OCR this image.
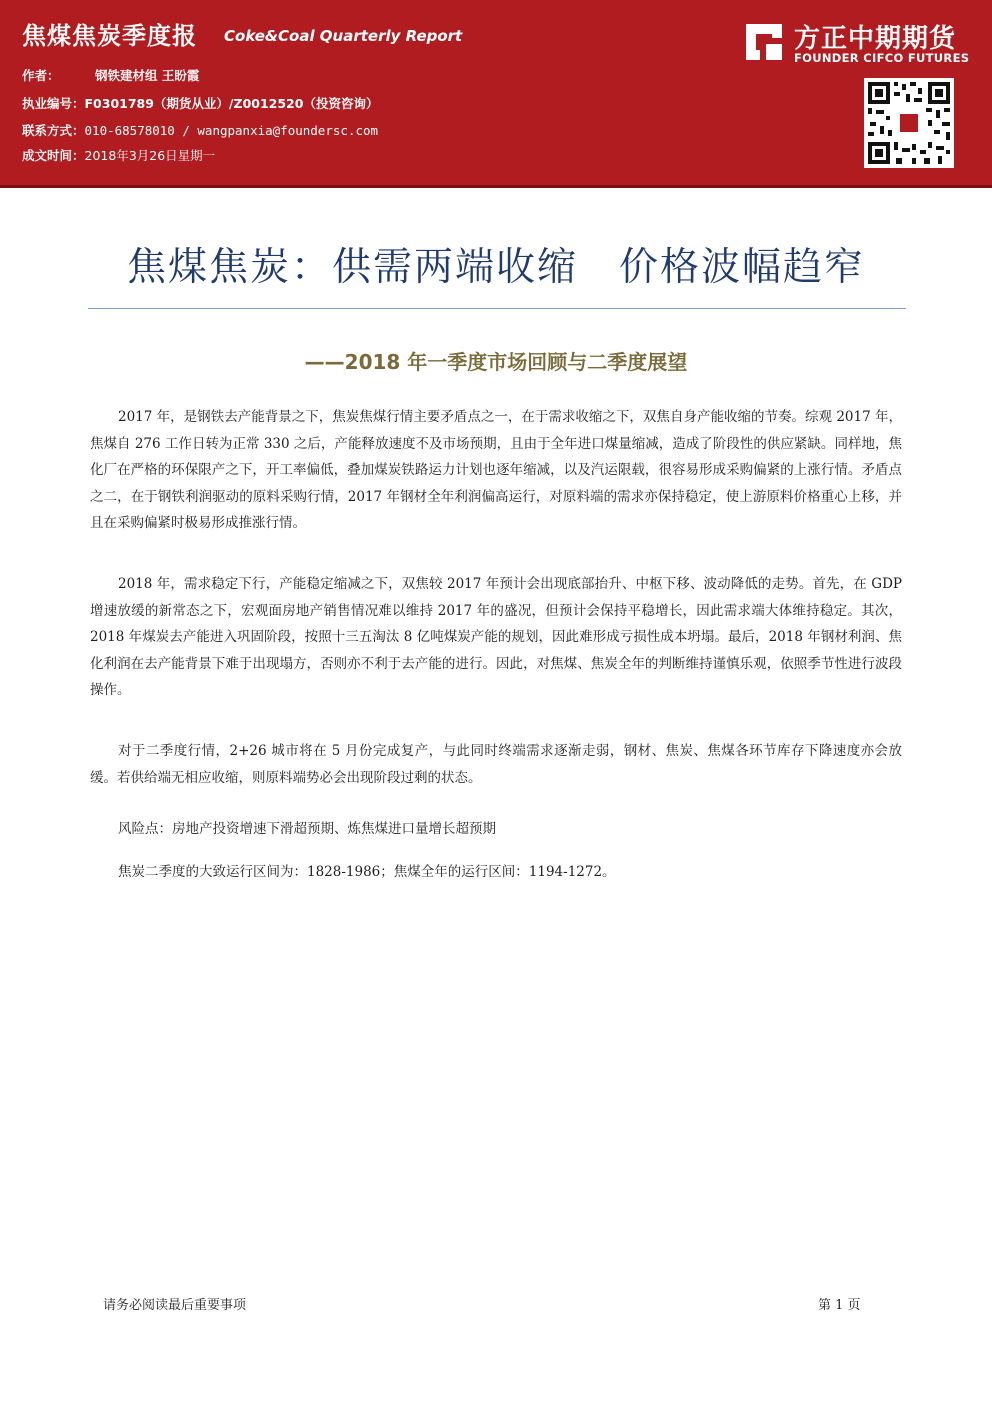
焦煤焦炭季度报 Coke&Coal Quarterly Report	方正中期期货
FOUNDER CIFCO FUTURES
作者：	钢铁建材组 王盼霞
执业编号：F0301789（期货从业）/Z0012520（投资咨询）
联系方式：010-68578010 / wangpanxia@foundersc.com
成文时间：2018年3月26日星期一
焦煤焦炭：供需两端收缩　价格波幅趋窄
——2018 年一季度市场回顾与二季度展望

2017 年，是钢铁去产能背景之下，焦炭焦煤行情主要矛盾点之一，在于需求收缩之下，双焦自身产能收缩的节奏。综观 2017 年，焦煤自 276 工作日转为正常 330 之后，产能释放速度不及市场预期，且由于全年进口煤量缩减，造成了阶段性的供应紧缺。同样地，焦化厂在严格的环保限产之下，开工率偏低，叠加煤炭铁路运力计划也逐年缩减，以及汽运限载，很容易形成采购偏紧的上涨行情。矛盾点之二，在于钢铁利润驱动的原料采购行情，2017 年钢材全年利润偏高运行，对原料端的需求亦保持稳定，使上游原料价格重心上移，并且在采购偏紧时极易形成推涨行情。

2018 年，需求稳定下行，产能稳定缩减之下，双焦较 2017 年预计会出现底部抬升、中枢下移、波动降低的走势。首先，在 GDP 增速放缓的新常态之下，宏观面房地产销售情况难以维持 2017 年的盛况，但预计会保持平稳增长，因此需求端大体维持稳定。其次，2018 年煤炭去产能进入巩固阶段，按照十三五淘汰 8 亿吨煤炭产能的规划，因此难形成亏损性成本坍塌。最后，2018 年钢材利润、焦化利润在去产能背景下难于出现塌方，否则亦不利于去产能的进行。因此，对焦煤、焦炭全年的判断维持谨慎乐观，依照季节性进行波段操作。

对于二季度行情，2+26 城市将在 5 月份完成复产，与此同时终端需求逐渐走弱，钢材、焦炭、焦煤各环节库存下降速度亦会放缓。若供给端无相应收缩，则原料端势必会出现阶段过剩的状态。

风险点：房地产投资增速下滑超预期、炼焦煤进口量增长超预期

焦炭二季度的大致运行区间为：1828-1986；焦煤全年的运行区间：1194-1272。

请务必阅读最后重要事项	第 1 页
